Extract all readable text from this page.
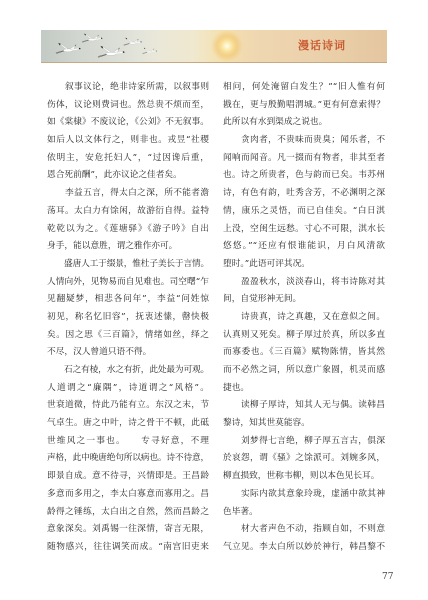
漫话诗词
　　叙事议论，绝非诗家所需，以叙事则
伤体，议论则费词也。然总贵不烦而至，
如《棠棣》不废议论，《公刘》不无叙事。
如后人以文体行之，则非也。戎昱“社稷
依明主，安危托妇人”，“过因谗后重，
恩合死前酬”，此亦议论之佳者矣。
　　李益五言，得太白之深，所不能者澹
荡耳。太白力有馀闲，故游衍自得。益特
乾乾以为之。《莲塘驿》《游子吟》自出
身手，能以意胜，谓之雅作亦可。
　　盛唐人工于缀景，惟杜子美长于言情。
人情向外，见物易而自见难也。司空曙“乍
见翻疑梦，相悲各问年”，李益“问姓惊
初见，称名忆旧容”，抚衷述愫，罄快极
矣。因之思《三百篇》，情绪如丝，绎之
不尽，汉人曾道只语不得。
　　石之有棱，水之有折，此处最为可观。
人道谓之“廉隅”，诗道谓之“风格”。
世衰道微，恃此乃能有立。东汉之末，节
气卓生。唐之中叶，诗之骨干不顿，此砥
世维风之一事也。　　专寻好意，不理
声格，此中晚唐绝句所以病也。诗不待意，
即景自成。意不待寻，兴情即是。王昌龄
多意而多用之，李太白寡意而寡用之。昌
龄得之锤练，太白出之自然，然而昌龄之
意象深矣。刘禹锡一往深情，寄言无限，
随物感兴，往往调笑而成。“南宫旧吏来
相问，何处淹留白发生？”“旧人惟有何
戡在，更与殷勤唱渭城。”更有何意索得？
此所以有水到渠成之说也。
　　贪肉者，不贵味而贵臭；闻乐者，不
闻响而闻音。凡一掇而有物者，非其至者
也。诗之所贵者，色与韵而已矣。韦苏州
诗，有色有韵，吐秀含芳，不必渊明之深
情，康乐之灵悟，而已自佳矣。“白日淇
上没，空闺生远愁。寸心不可限，淇水长
悠悠。”“还应有恨谁能识，月白风清欲
堕时。”此语可评其况。
　　盈盈秋水，淡淡春山，将韦诗陈对其
间，自觉形神无间。
　　诗贵真，诗之真趣，又在意似之间。
认真则又死矣。柳子厚过於真，所以多直
而寡委也。《三百篇》赋物陈情，皆其然
而不必然之词，所以意广象圆，机灵而感
捷也。
　　读柳子厚诗，知其人无与偶。读韩昌
黎诗，知其世莫能容。
　　刘梦得七言绝，柳子厚五言古，俱深
於哀怨，谓《骚》之馀派可。刘婉多风，
柳直损致，世称韦柳，则以本色见长耳。
　　实际内欲其意象玲珑，虚涵中欲其神
色毕著。
　　材大者声色不动，指顾自如，不则意
气立见。李太白所以妙於神行，韩昌黎不
77
